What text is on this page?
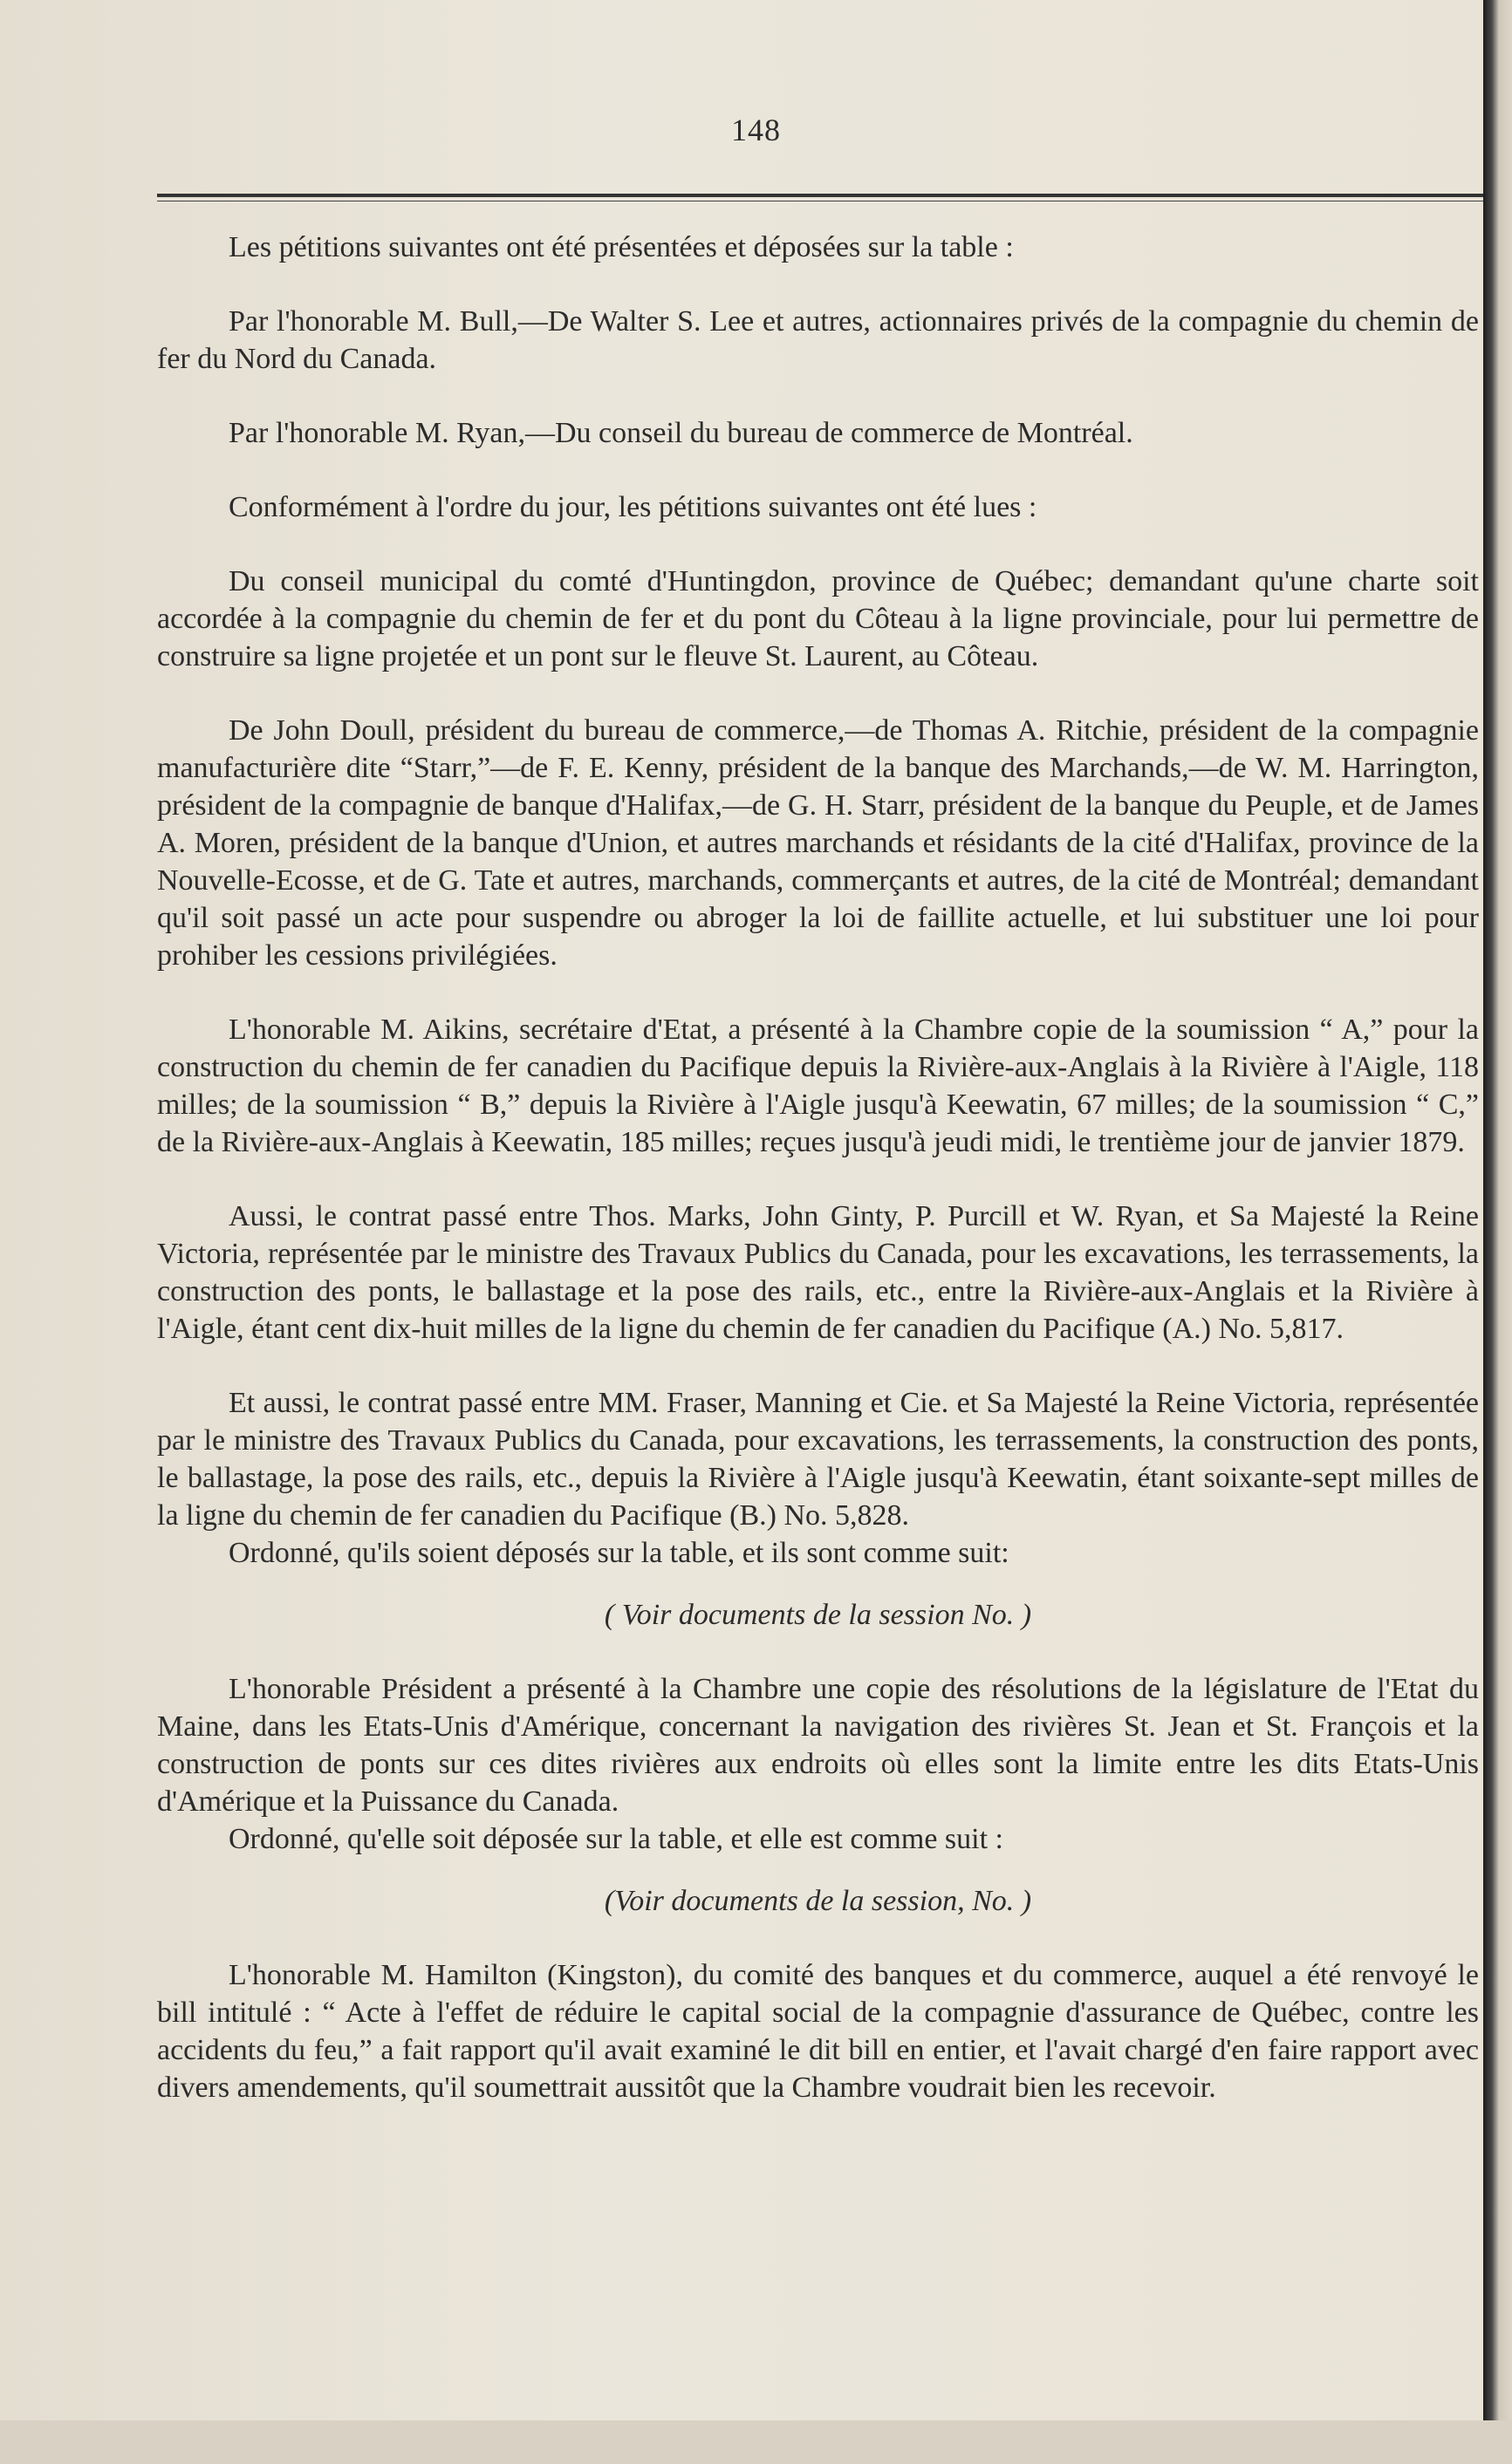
148

Les pétitions suivantes ont été présentées et déposées sur la table :

Par l'honorable M. Bull,—De Walter S. Lee et autres, actionnaires privés de la compagnie du chemin de fer du Nord du Canada.

Par l'honorable M. Ryan,—Du conseil du bureau de commerce de Montréal.

Conformément à l'ordre du jour, les pétitions suivantes ont été lues :

Du conseil municipal du comté d'Huntingdon, province de Québec; demandant qu'une charte soit accordée à la compagnie du chemin de fer et du pont du Côteau à la ligne provinciale, pour lui permettre de construire sa ligne projetée et un pont sur le fleuve St. Laurent, au Côteau.

De John Doull, président du bureau de commerce,—de Thomas A. Ritchie, président de la compagnie manufacturière dite “Starr,”—de F. E. Kenny, président de la banque des Marchands,—de W. M. Harrington, président de la compagnie de banque d'Halifax,—de G. H. Starr, président de la banque du Peuple, et de James A. Moren, président de la banque d'Union, et autres marchands et résidants de la cité d'Halifax, province de la Nouvelle-Ecosse, et de G. Tate et autres, marchands, commerçants et autres, de la cité de Montréal; demandant qu'il soit passé un acte pour suspendre ou abroger la loi de faillite actuelle, et lui substituer une loi pour prohiber les cessions privilégiées.

L'honorable M. Aikins, secrétaire d'Etat, a présenté à la Chambre copie de la soumission “ A,” pour la construction du chemin de fer canadien du Pacifique depuis la Rivière-aux-Anglais à la Rivière à l'Aigle, 118 milles; de la soumission “ B,” depuis la Rivière à l'Aigle jusqu'à Keewatin, 67 milles; de la soumission “ C,” de la Rivière-aux-Anglais à Keewatin, 185 milles; reçues jusqu'à jeudi midi, le trentième jour de janvier 1879.

Aussi, le contrat passé entre Thos. Marks, John Ginty, P. Purcill et W. Ryan, et Sa Majesté la Reine Victoria, représentée par le ministre des Travaux Publics du Canada, pour les excavations, les terrassements, la construction des ponts, le ballastage et la pose des rails, etc., entre la Rivière-aux-Anglais et la Rivière à l'Aigle, étant cent dix-huit milles de la ligne du chemin de fer canadien du Pacifique (A.) No. 5,817.

Et aussi, le contrat passé entre MM. Fraser, Manning et Cie. et Sa Majesté la Reine Victoria, représentée par le ministre des Travaux Publics du Canada, pour excavations, les terrassements, la construction des ponts, le ballastage, la pose des rails, etc., depuis la Rivière à l'Aigle jusqu'à Keewatin, étant soixante-sept milles de la ligne du chemin de fer canadien du Pacifique (B.) No. 5,828.

Ordonné, qu'ils soient déposés sur la table, et ils sont comme suit:

( Voir documents de la session No. )

L'honorable Président a présenté à la Chambre une copie des résolutions de la législature de l'Etat du Maine, dans les Etats-Unis d'Amérique, concernant la navigation des rivières St. Jean et St. François et la construction de ponts sur ces dites rivières aux endroits où elles sont la limite entre les dits Etats-Unis d'Amérique et la Puissance du Canada.

Ordonné, qu'elle soit déposée sur la table, et elle est comme suit :

(Voir documents de la session, No. )

L'honorable M. Hamilton (Kingston), du comité des banques et du commerce, auquel a été renvoyé le bill intitulé : “ Acte à l'effet de réduire le capital social de la compagnie d'assurance de Québec, contre les accidents du feu,” a fait rapport qu'il avait examiné le dit bill en entier, et l'avait chargé d'en faire rapport avec divers amendements, qu'il soumettrait aussitôt que la Chambre voudrait bien les recevoir.
